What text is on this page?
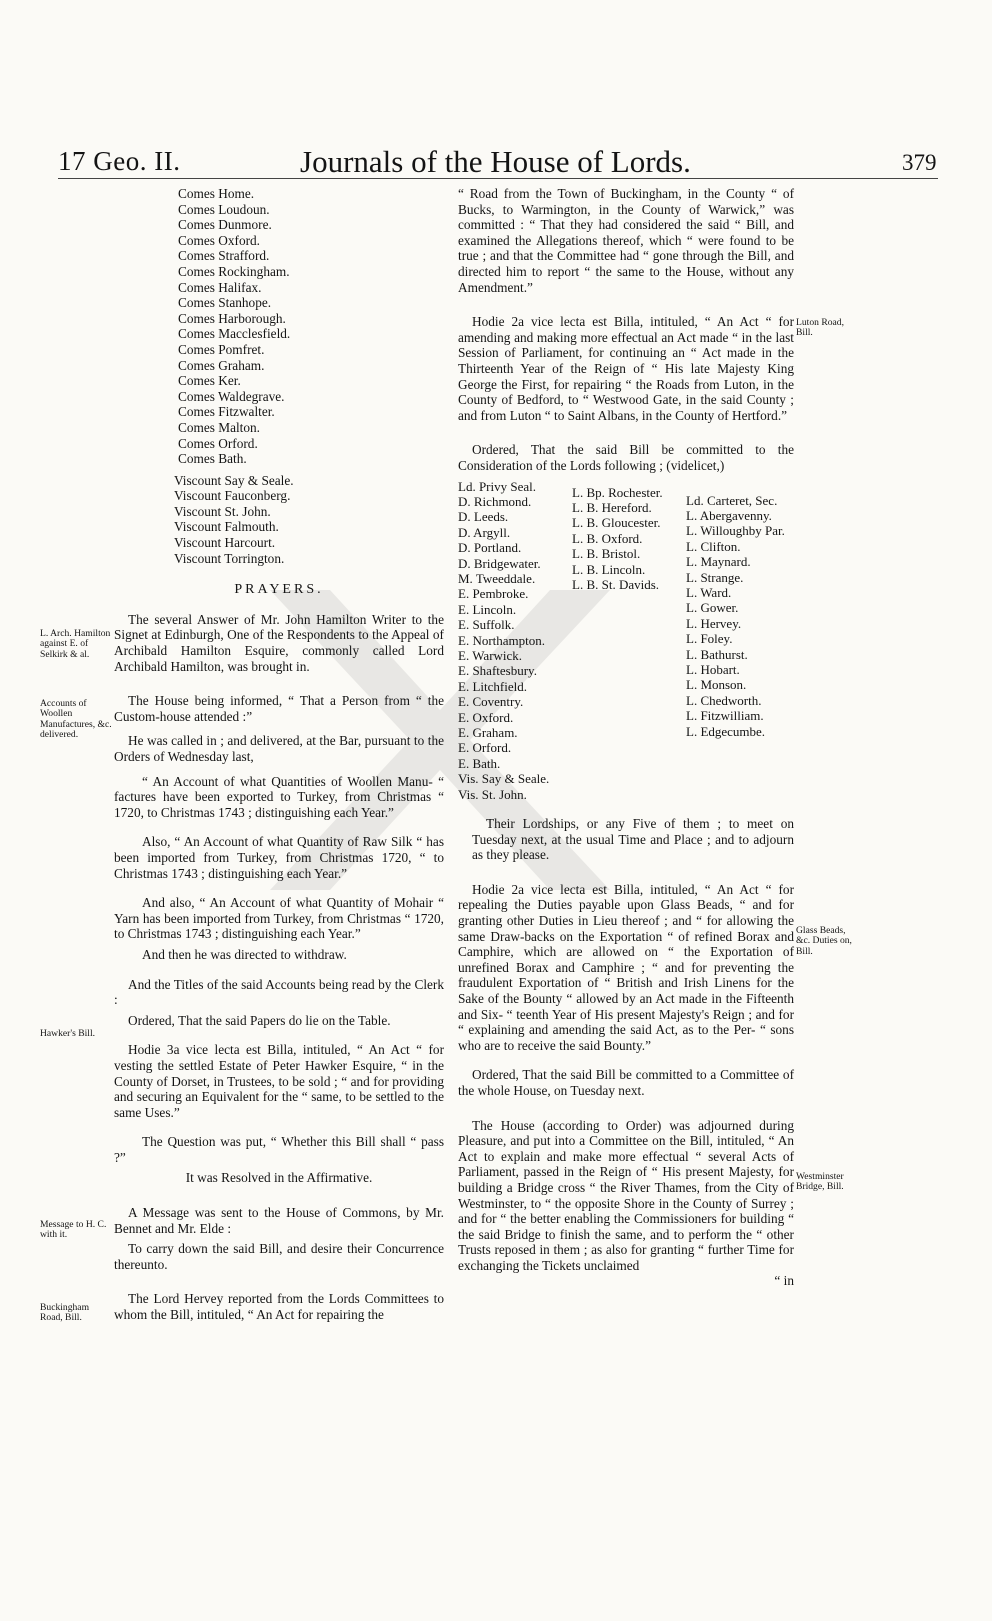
17 Geo. II.	Journals of the House of Lords.	379
L. Arch. Hamilton against E. of Selkirk & al.
Accounts of Woollen Manufactures, &c. delivered.
Hawker's Bill.
Message to H. C. with it.
Buckingham Road, Bill.
Comes Home.
Comes Loudoun.
Comes Dunmore.
Comes Oxford.
Comes Strafford.
Comes Rockingham.
Comes Halifax.
Comes Stanhope.
Comes Harborough.
Comes Macclesfield.
Comes Pomfret.
Comes Graham.
Comes Ker.
Comes Waldegrave.
Comes Fitzwalter.
Comes Malton.
Comes Orford.
Comes Bath.
Viscount Say & Seale.
Viscount Fauconberg.
Viscount St. John.
Viscount Falmouth.
Viscount Harcourt.
Viscount Torrington.
PRAYERS.

The several Answer of Mr. John Hamilton Writer to the Signet at Edinburgh, One of the Respondents to the Appeal of Archibald Hamilton Esquire, commonly called Lord Archibald Hamilton, was brought in.

The House being informed, “ That a Person from “ the Custom-house attended :”

He was called in ; and delivered, at the Bar, pursuant to the Orders of Wednesday last,

“ An Account of what Quantities of Woollen Manu- “ factures have been exported to Turkey, from Christmas “ 1720, to Christmas 1743 ; distinguishing each Year.”

Also, “ An Account of what Quantity of Raw Silk “ has been imported from Turkey, from Christmas 1720, “ to Christmas 1743 ; distinguishing each Year.”

And also, “ An Account of what Quantity of Mohair “ Yarn has been imported from Turkey, from Christmas “ 1720, to Christmas 1743 ; distinguishing each Year.”

And then he was directed to withdraw.

And the Titles of the said Accounts being read by the Clerk :

Ordered, That the said Papers do lie on the Table.

Hodie 3a vice lecta est Billa, intituled, “ An Act “ for vesting the settled Estate of Peter Hawker Esquire, “ in the County of Dorset, in Trustees, to be sold ; “ and for providing and securing an Equivalent for the “ same, to be settled to the same Uses.”

The Question was put, “ Whether this Bill shall “ pass ?”

It was Resolved in the Affirmative.

A Message was sent to the House of Commons, by Mr. Bennet and Mr. Elde :

To carry down the said Bill, and desire their Concurrence thereunto.

The Lord Hervey reported from the Lords Committees to whom the Bill, intituled, “ An Act for repairing the

Luton Road, Bill.
Glass Beads, &c. Duties on, Bill.
Westminster Bridge, Bill.

“ Road from the Town of Buckingham, in the County “ of Bucks, to Warmington, in the County of Warwick,” was committed : “ That they had considered the said “ Bill, and examined the Allegations thereof, which “ were found to be true ; and that the Committee had “ gone through the Bill, and directed him to report “ the same to the House, without any Amendment.”

Hodie 2a vice lecta est Billa, intituled, “ An Act “ for amending and making more effectual an Act made “ in the last Session of Parliament, for continuing an “ Act made in the Thirteenth Year of the Reign of “ His late Majesty King George the First, for repairing “ the Roads from Luton, in the County of Bedford, to “ Westwood Gate, in the said County ; and from Luton “ to Saint Albans, in the County of Hertford.”

Ordered, That the said Bill be committed to the Consideration of the Lords following ; (videlicet,)

Ld. Privy Seal.
D. Richmond.
D. Leeds.
D. Argyll.
D. Portland.
D. Bridgewater.
M. Tweeddale.
E. Pembroke.
E. Lincoln.
E. Suffolk.
E. Northampton.
E. Warwick.
E. Shaftesbury.
E. Litchfield.
E. Coventry.
E. Oxford.
E. Graham.
E. Orford.
E. Bath.
Vis. Say & Seale.
Vis. St. John.
L. Bp. Rochester.
L. B. Hereford.
L. B. Gloucester.
L. B. Oxford.
L. B. Bristol.
L. B. Lincoln.
L. B. St. Davids.
Ld. Carteret, Sec.
L. Abergavenny.
L. Willoughby Par.
L. Clifton.
L. Maynard.
L. Strange.
L. Ward.
L. Gower.
L. Hervey.
L. Foley.
L. Bathurst.
L. Hobart.
L. Monson.
L. Chedworth.
L. Fitzwilliam.
L. Edgecumbe.

Their Lordships, or any Five of them ; to meet on Tuesday next, at the usual Time and Place ; and to adjourn as they please.

Hodie 2a vice lecta est Billa, intituled, “ An Act “ for repealing the Duties payable upon Glass Beads, “ and for granting other Duties in Lieu thereof ; and “ for allowing the same Draw-backs on the Exportation “ of refined Borax and Camphire, which are allowed on “ the Exportation of unrefined Borax and Camphire ; “ and for preventing the fraudulent Exportation of “ British and Irish Linens for the Sake of the Bounty “ allowed by an Act made in the Fifteenth and Six- “ teenth Year of His present Majesty's Reign ; and for “ explaining and amending the said Act, as to the Per- “ sons who are to receive the said Bounty.”

Ordered, That the said Bill be committed to a Committee of the whole House, on Tuesday next.

The House (according to Order) was adjourned during Pleasure, and put into a Committee on the Bill, intituled, “ An Act to explain and make more effectual “ several Acts of Parliament, passed in the Reign of “ His present Majesty, for building a Bridge cross “ the River Thames, from the City of Westminster, to “ the opposite Shore in the County of Surrey ; and for “ the better enabling the Commissioners for building “ the said Bridge to finish the same, and to perform the “ other Trusts reposed in them ; as also for granting “ further Time for exchanging the Tickets unclaimed

“ in
